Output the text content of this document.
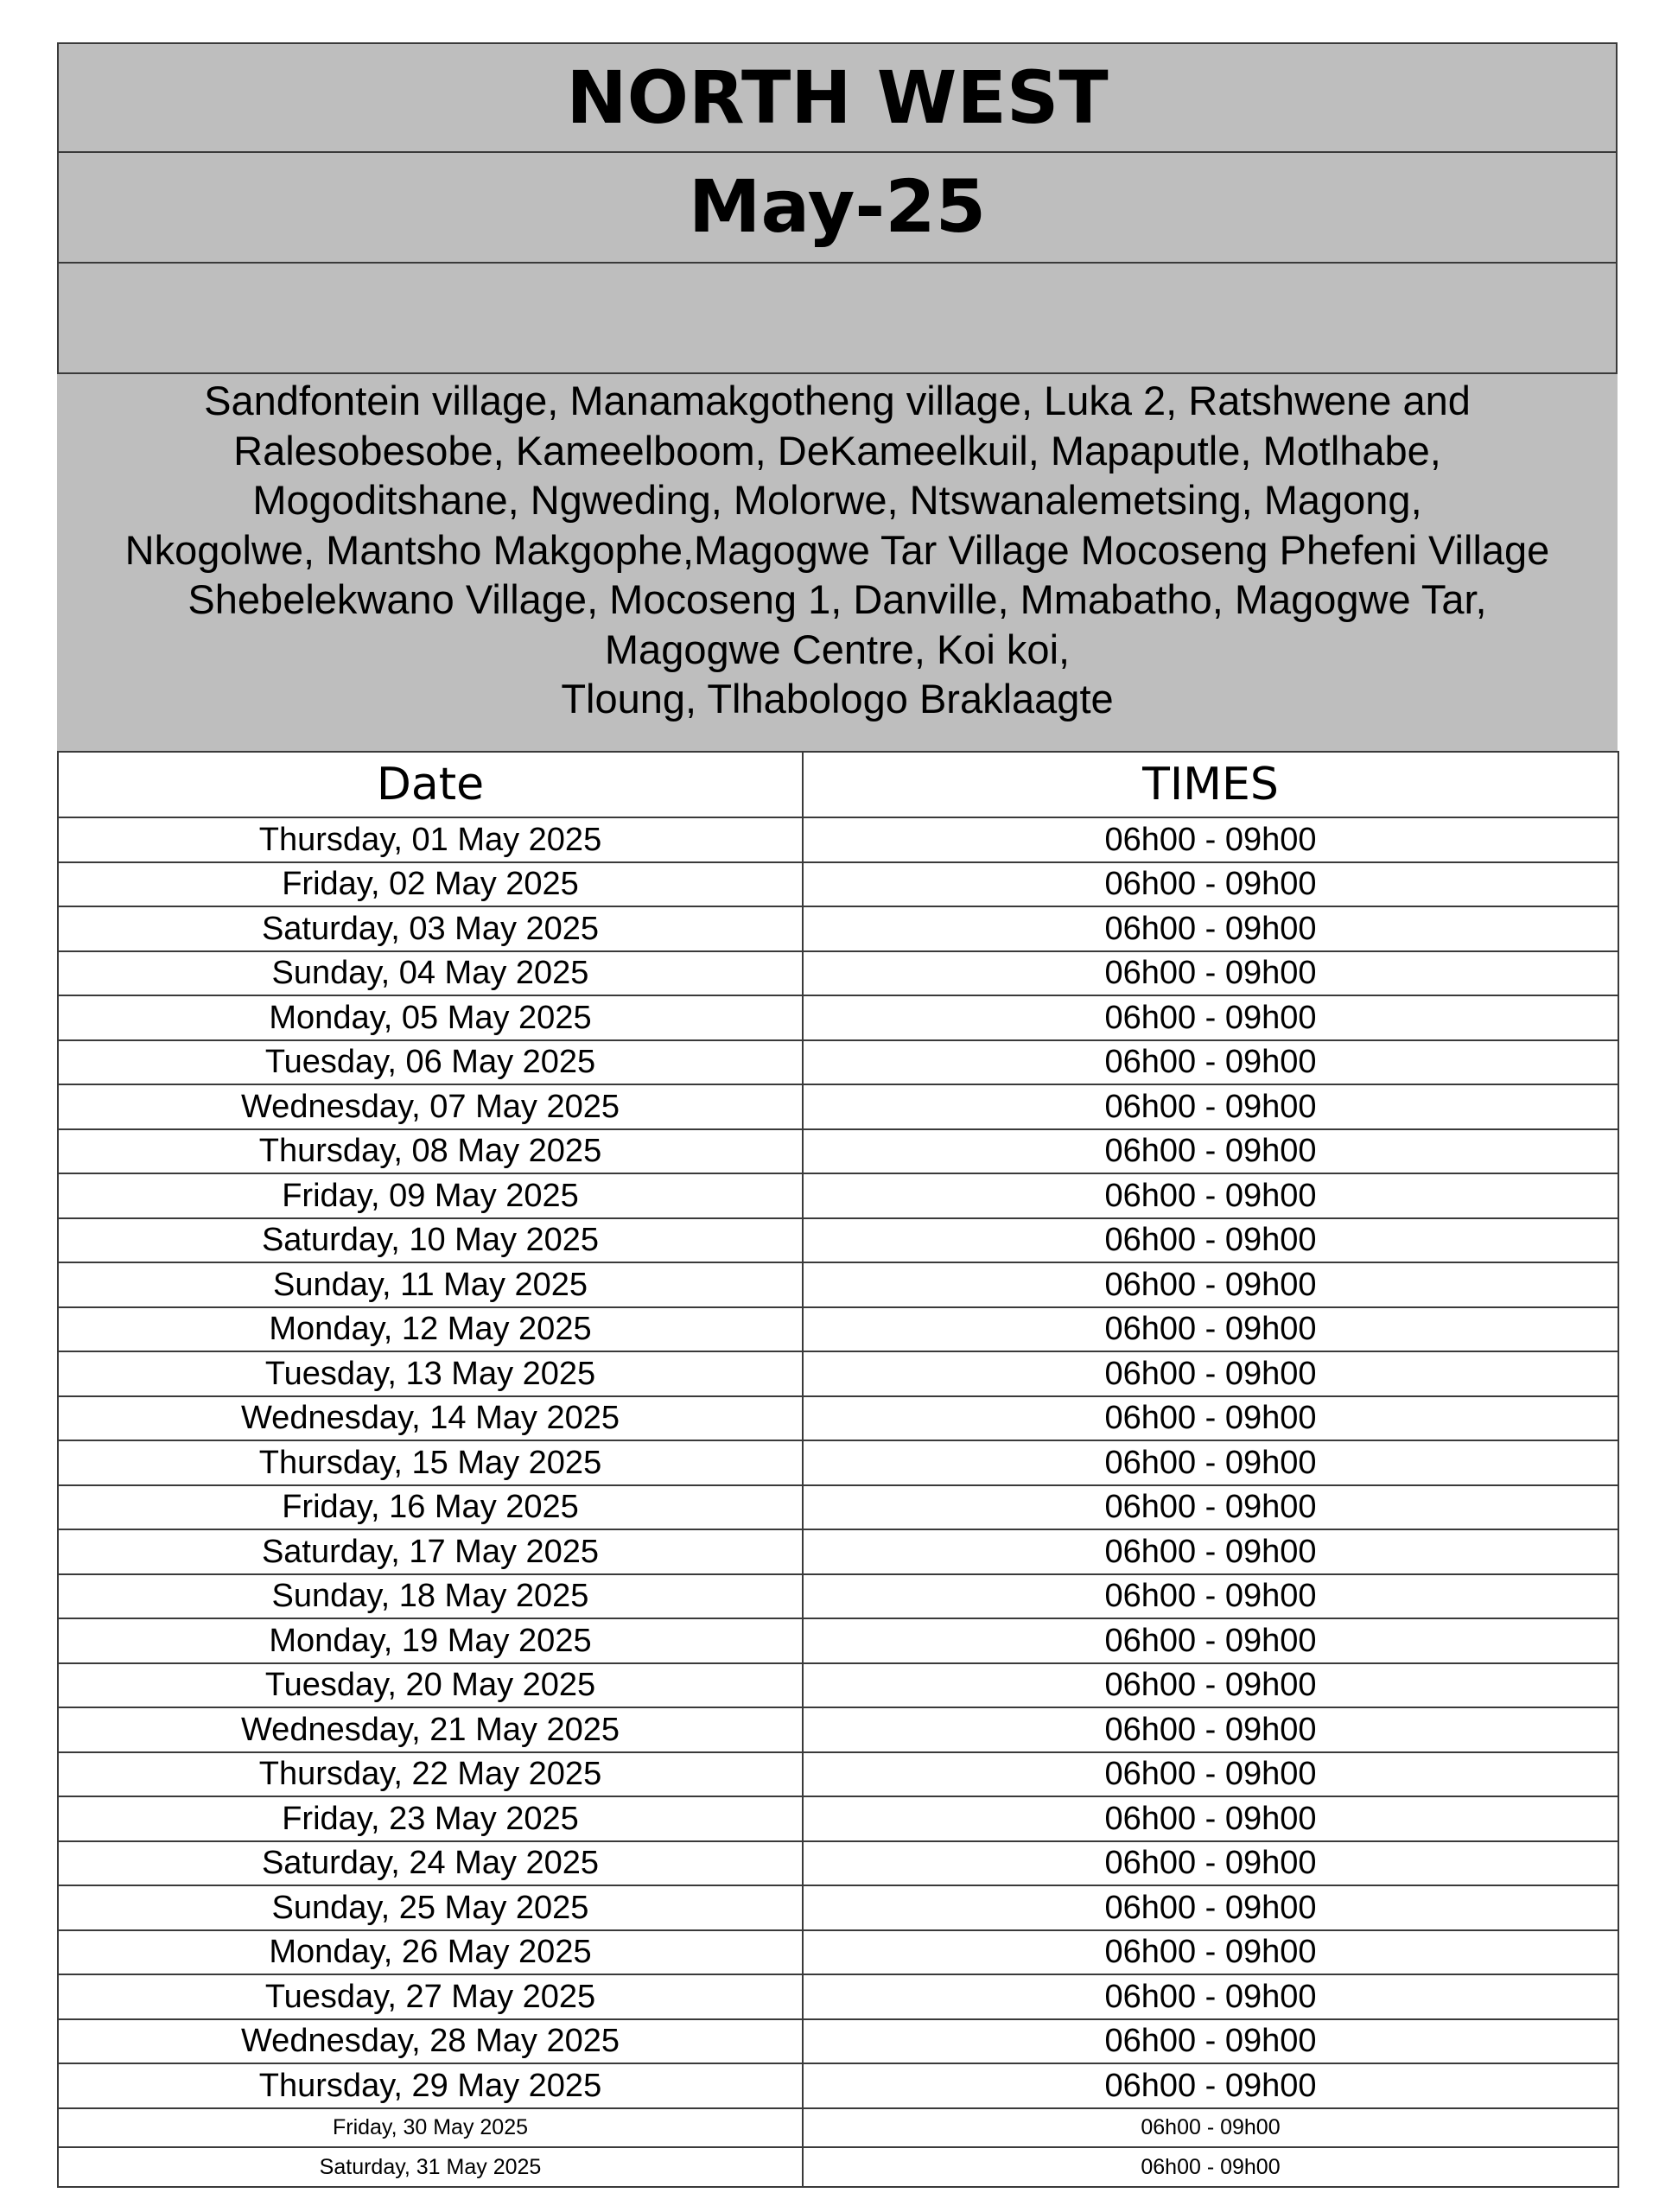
NORTH WEST
May-25
Sandfontein village, Manamakgotheng village, Luka 2, Ratshwene and
Ralesobesobe, Kameelboom, DeKameelkuil, Mapaputle, Motlhabe,
Mogoditshane, Ngweding, Molorwe, Ntswanalemetsing, Magong,
Nkogolwe, Mantsho Makgophe,Magogwe Tar Village Mocoseng Phefeni Village
Shebelekwano Village, Mocoseng 1, Danville, Mmabatho, Magogwe Tar,
Magogwe Centre, Koi koi,
Tloung, Tlhabologo Braklaagte
Date	TIMES
Thursday, 01 May 2025	06h00 - 09h00
Friday, 02 May 2025	06h00 - 09h00
Saturday, 03 May 2025	06h00 - 09h00
Sunday, 04 May 2025	06h00 - 09h00
Monday, 05 May 2025	06h00 - 09h00
Tuesday, 06 May 2025	06h00 - 09h00
Wednesday, 07 May 2025	06h00 - 09h00
Thursday, 08 May 2025	06h00 - 09h00
Friday, 09 May 2025	06h00 - 09h00
Saturday, 10 May 2025	06h00 - 09h00
Sunday, 11 May 2025	06h00 - 09h00
Monday, 12 May 2025	06h00 - 09h00
Tuesday, 13 May 2025	06h00 - 09h00
Wednesday, 14 May 2025	06h00 - 09h00
Thursday, 15 May 2025	06h00 - 09h00
Friday, 16 May 2025	06h00 - 09h00
Saturday, 17 May 2025	06h00 - 09h00
Sunday, 18 May 2025	06h00 - 09h00
Monday, 19 May 2025	06h00 - 09h00
Tuesday, 20 May 2025	06h00 - 09h00
Wednesday, 21 May 2025	06h00 - 09h00
Thursday, 22 May 2025	06h00 - 09h00
Friday, 23 May 2025	06h00 - 09h00
Saturday, 24 May 2025	06h00 - 09h00
Sunday, 25 May 2025	06h00 - 09h00
Monday, 26 May 2025	06h00 - 09h00
Tuesday, 27 May 2025	06h00 - 09h00
Wednesday, 28 May 2025	06h00 - 09h00
Thursday, 29 May 2025	06h00 - 09h00
Friday, 30 May 2025	06h00 - 09h00
Saturday, 31 May 2025	06h00 - 09h00
